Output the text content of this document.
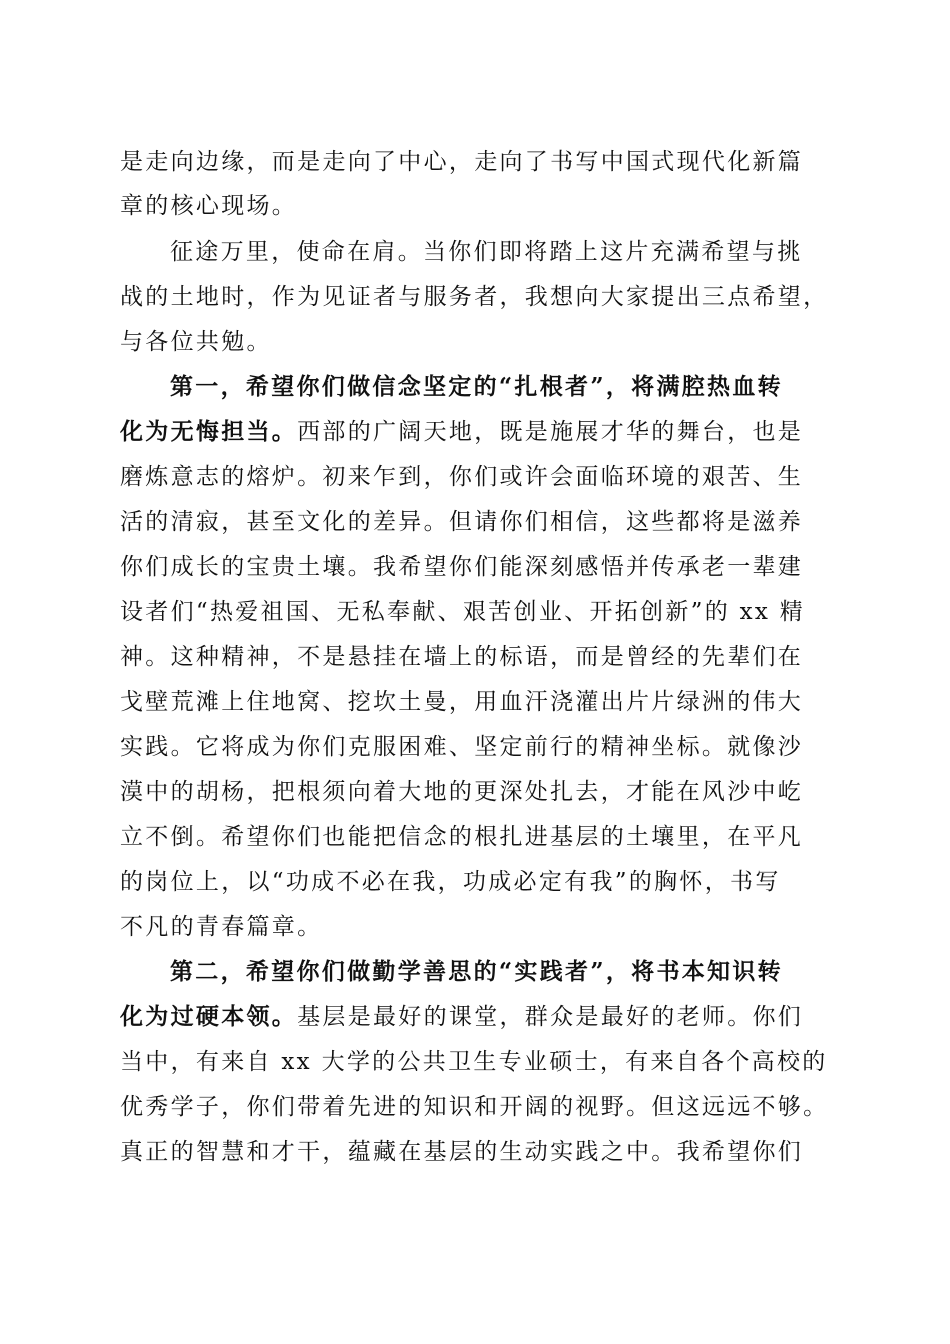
是走向边缘，而是走向了中心，走向了书写中国式现代化新篇
章的核心现场。
征途万里，使命在肩。当你们即将踏上这片充满希望与挑
战的土地时，作为见证者与服务者，我想向大家提出三点希望，
与各位共勉。
第一，希望你们做信念坚定的“扎根者”，将满腔热血转
化为无悔担当。西部的广阔天地，既是施展才华的舞台，也是
磨炼意志的熔炉。初来乍到，你们或许会面临环境的艰苦、生
活的清寂，甚至文化的差异。但请你们相信，这些都将是滋养
你们成长的宝贵土壤。我希望你们能深刻感悟并传承老一辈建
设者们“热爱祖国、无私奉献、艰苦创业、开拓创新”的 xx 精
神。这种精神，不是悬挂在墙上的标语，而是曾经的先辈们在
戈壁荒滩上住地窝、挖坎土曼，用血汗浇灌出片片绿洲的伟大
实践。它将成为你们克服困难、坚定前行的精神坐标。就像沙
漠中的胡杨，把根须向着大地的更深处扎去，才能在风沙中屹
立不倒。希望你们也能把信念的根扎进基层的土壤里，在平凡
的岗位上，以“功成不必在我，功成必定有我”的胸怀，书写
不凡的青春篇章。
第二，希望你们做勤学善思的“实践者”，将书本知识转
化为过硬本领。基层是最好的课堂，群众是最好的老师。你们
当中，有来自 xx 大学的公共卫生专业硕士，有来自各个高校的
优秀学子，你们带着先进的知识和开阔的视野。但这远远不够。
真正的智慧和才干，蕴藏在基层的生动实践之中。我希望你们
